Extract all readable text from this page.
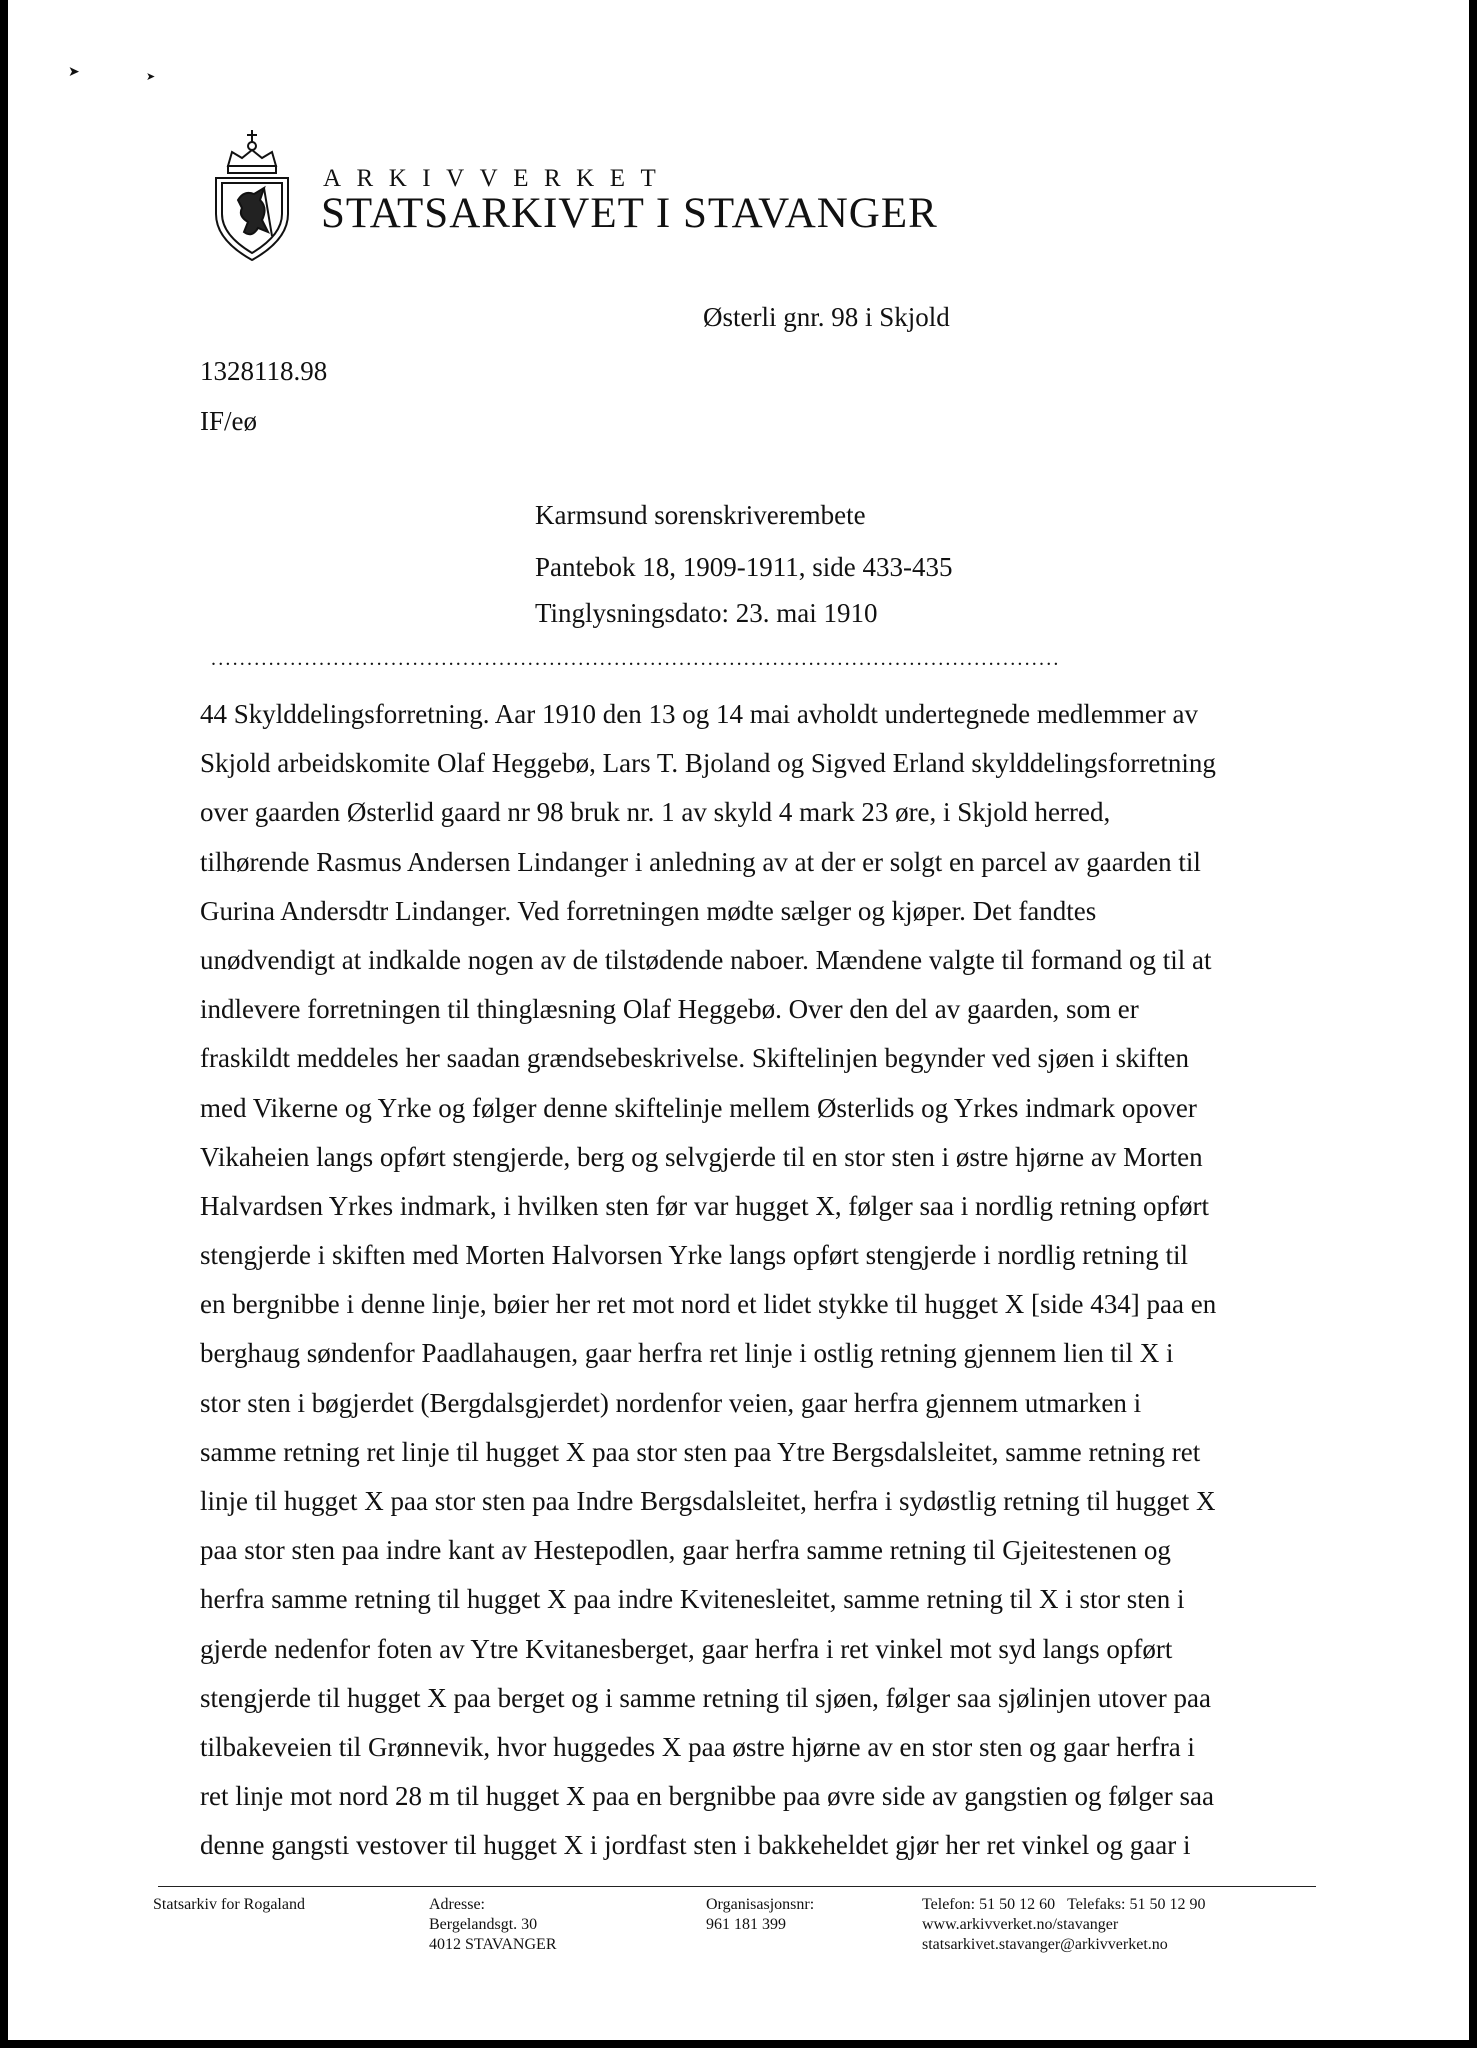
➤	➤
ARKIVVERKET
STATSARKIVET I STAVANGER
Østerli gnr. 98 i Skjold
1328118.98
IF/eø
Karmsund sorenskriverembete
Pantebok 18, 1909-1911, side 433-435
Tinglysningsdato: 23. mai 1910
......................................................................................................................
44 Skylddelingsforretning. Aar 1910 den 13 og 14 mai avholdt undertegnede medlemmer av
Skjold arbeidskomite Olaf Heggebø, Lars T. Bjoland og Sigved Erland skylddelingsforretning
over gaarden Østerlid gaard nr 98 bruk nr. 1 av skyld 4 mark 23 øre, i Skjold herred,
tilhørende Rasmus Andersen Lindanger i anledning av at der er solgt en parcel av gaarden til
Gurina Andersdtr Lindanger. Ved forretningen mødte sælger og kjøper. Det fandtes
unødvendigt at indkalde nogen av de tilstødende naboer. Mændene valgte til formand og til at
indlevere forretningen til thinglæsning Olaf Heggebø. Over den del av gaarden, som er
fraskildt meddeles her saadan grændsebeskrivelse. Skiftelinjen begynder ved sjøen i skiften
med Vikerne og Yrke og følger denne skiftelinje mellem Østerlids og Yrkes indmark opover
Vikaheien langs opført stengjerde, berg og selvgjerde til en stor sten i østre hjørne av Morten
Halvardsen Yrkes indmark, i hvilken sten før var hugget X, følger saa i nordlig retning opført
stengjerde i skiften med Morten Halvorsen Yrke langs opført stengjerde i nordlig retning til
en bergnibbe i denne linje, bøier her ret mot nord et lidet stykke til hugget X [side 434] paa en
berghaug søndenfor Paadlahaugen, gaar herfra ret linje i ostlig retning gjennem lien til X i
stor sten i bøgjerdet (Bergdalsgjerdet) nordenfor veien, gaar herfra gjennem utmarken i
samme retning ret linje til hugget X paa stor sten paa Ytre Bergsdalsleitet, samme retning ret
linje til hugget X paa stor sten paa Indre Bergsdalsleitet, herfra i sydøstlig retning til hugget X
paa stor sten paa indre kant av Hestepodlen, gaar herfra samme retning til Gjeitestenen og
herfra samme retning til hugget X paa indre Kvitenesleitet, samme retning til X i stor sten i
gjerde nedenfor foten av Ytre Kvitanesberget, gaar herfra i ret vinkel mot syd langs opført
stengjerde til hugget X paa berget og i samme retning til sjøen, følger saa sjølinjen utover paa
tilbakeveien til Grønnevik, hvor huggedes X paa østre hjørne av en stor sten og gaar herfra i
ret linje mot nord 28 m til hugget X paa en bergnibbe paa øvre side av gangstien og følger saa
denne gangsti vestover til hugget X i jordfast sten i bakkeheldet gjør her ret vinkel og gaar i
Statsarkiv for Rogaland	Adresse:
Bergelandsgt. 30
4012 STAVANGER
Organisasjonsnr:
961 181 399
Telefon: 51 50 12 60 Telefaks: 51 50 12 90
www.arkivverket.no/stavanger
statsarkivet.stavanger@arkivverket.no
